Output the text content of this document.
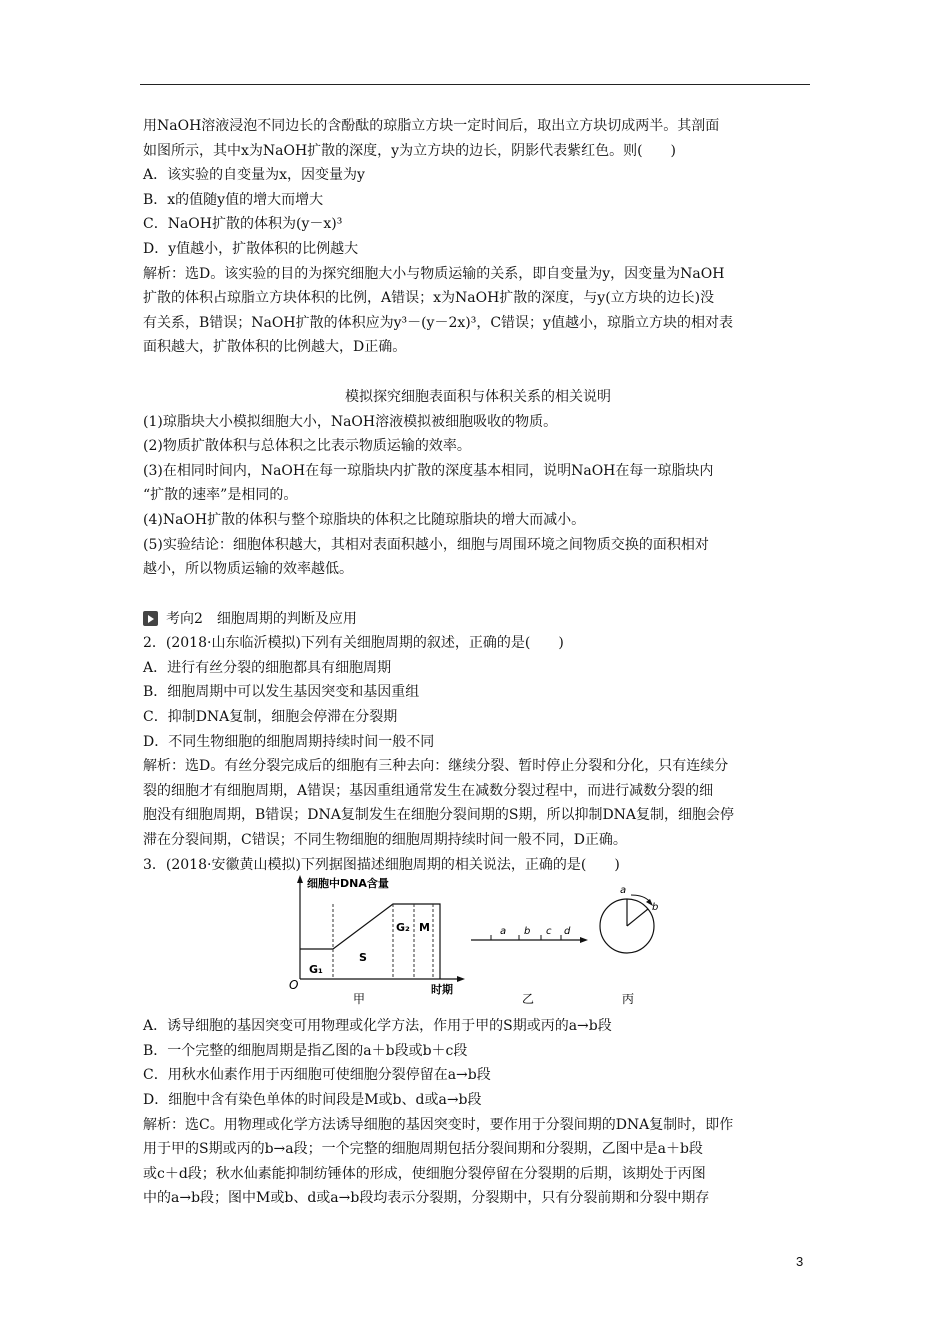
用NaOH溶液浸泡不同边长的含酚酞的琼脂立方块一定时间后，取出立方块切成两半。其剖面

如图所示，其中x为NaOH扩散的深度，y为立方块的边长，阴影代表紫红色。则(　　)

A．该实验的自变量为x，因变量为y

B．x的值随y值的增大而增大

C．NaOH扩散的体积为(y－x)³

D．y值越小，扩散体积的比例越大

解析：选D。该实验的目的为探究细胞大小与物质运输的关系，即自变量为y，因变量为NaOH

扩散的体积占琼脂立方块体积的比例，A错误；x为NaOH扩散的深度，与y(立方块的边长)没

有关系，B错误；NaOH扩散的体积应为y³－(y－2x)³，C错误；y值越小，琼脂立方块的相对表

面积越大，扩散体积的比例越大，D正确。

模拟探究细胞表面积与体积关系的相关说明

(1)琼脂块大小模拟细胞大小，NaOH溶液模拟被细胞吸收的物质。

(2)物质扩散体积与总体积之比表示物质运输的效率。

(3)在相同时间内，NaOH在每一琼脂块内扩散的深度基本相同，说明NaOH在每一琼脂块内

“扩散的速率”是相同的。

(4)NaOH扩散的体积与整个琼脂块的体积之比随琼脂块的增大而减小。

(5)实验结论：细胞体积越大，其相对表面积越小，细胞与周围环境之间物质交换的面积相对

越小，所以物质运输的效率越低。

考向2　细胞周期的判断及应用

2．(2018·山东临沂模拟)下列有关细胞周期的叙述，正确的是(　　)

A．进行有丝分裂的细胞都具有细胞周期

B．细胞周期中可以发生基因突变和基因重组

C．抑制DNA复制，细胞会停滞在分裂期

D．不同生物细胞的细胞周期持续时间一般不同

解析：选D。有丝分裂完成后的细胞有三种去向：继续分裂、暂时停止分裂和分化，只有连续分

裂的细胞才有细胞周期，A错误；基因重组通常发生在减数分裂过程中，而进行减数分裂的细

胞没有细胞周期，B错误；DNA复制发生在细胞分裂间期的S期，所以抑制DNA复制，细胞会停

滞在分裂间期，C错误；不同生物细胞的细胞周期持续时间一般不同，D正确。

3．(2018·安徽黄山模拟)下列据图描述细胞周期的相关说法，正确的是(　　)

细胞中DNA含量
O	时期
G₁
S
G₂ M
甲
a b c d
乙
a
b
丙

A．诱导细胞的基因突变可用物理或化学方法，作用于甲的S期或丙的a→b段

B．一个完整的细胞周期是指乙图的a＋b段或b＋c段

C．用秋水仙素作用于丙细胞可使细胞分裂停留在a→b段

D．细胞中含有染色单体的时间段是M或b、d或a→b段

解析：选C。用物理或化学方法诱导细胞的基因突变时，要作用于分裂间期的DNA复制时，即作

用于甲的S期或丙的b→a段；一个完整的细胞周期包括分裂间期和分裂期，乙图中是a＋b段

或c＋d段；秋水仙素能抑制纺锤体的形成，使细胞分裂停留在分裂期的后期，该期处于丙图

中的a→b段；图中M或b、d或a→b段均表示分裂期，分裂期中，只有分裂前期和分裂中期存

3
